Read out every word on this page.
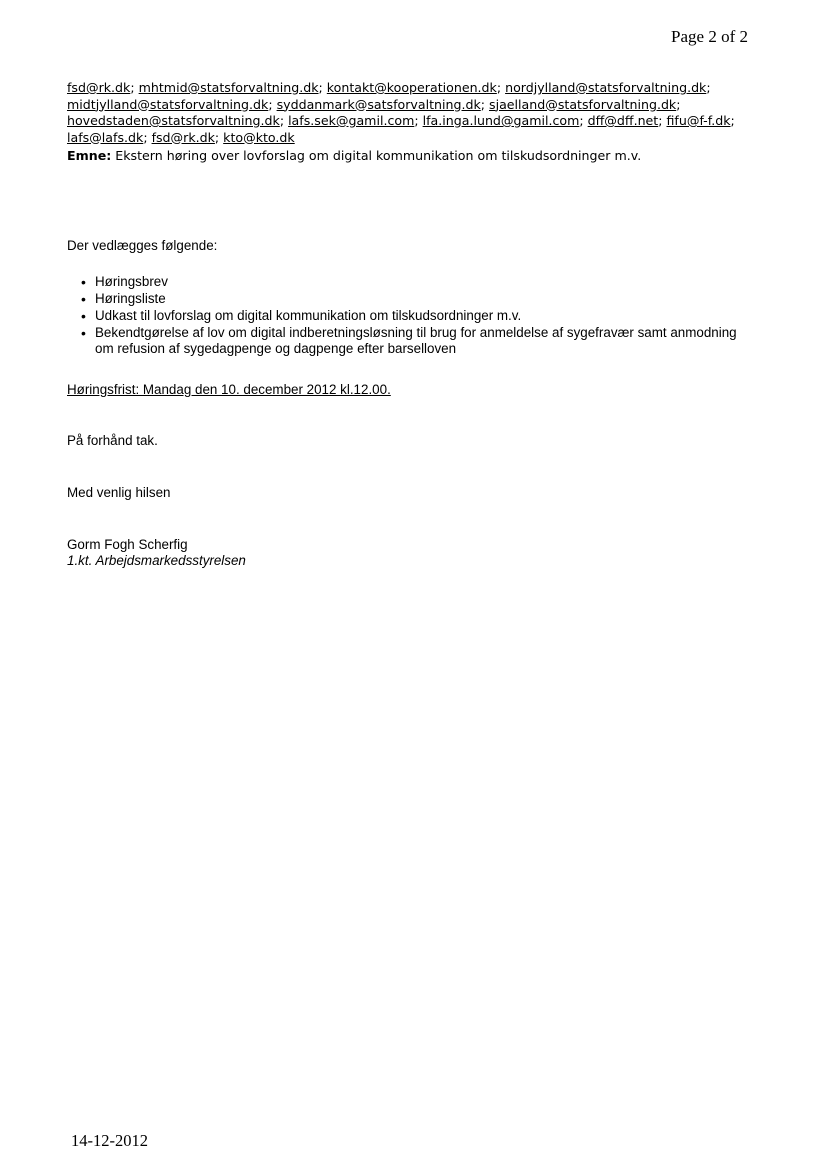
Page 2 of 2
fsd@rk.dk; mhtmid@statsforvaltning.dk; kontakt@kooperationen.dk; nordjylland@statsforvaltning.dk;
midtjylland@statsforvaltning.dk; syddanmark@satsforvaltning.dk; sjaelland@statsforvaltning.dk;
hovedstaden@statsforvaltning.dk; lafs.sek@gamil.com; lfa.inga.lund@gamil.com; dff@dff.net; fifu@f-f.dk;
lafs@lafs.dk; fsd@rk.dk; kto@kto.dk
Emne: Ekstern høring over lovforslag om digital kommunikation om tilskudsordninger m.v.
Der vedlægges følgende:
• Høringsbrev
• Høringsliste
• Udkast til lovforslag om digital kommunikation om tilskudsordninger m.v.
• Bekendtgørelse af lov om digital indberetningsløsning til brug for anmeldelse af sygefravær samt anmodning om refusion af sygedagpenge og dagpenge efter barselloven
Høringsfrist: Mandag den 10. december 2012 kl.12.00.
På forhånd tak.
Med venlig hilsen
Gorm Fogh Scherfig
1.kt. Arbejdsmarkedsstyrelsen
14-12-2012
